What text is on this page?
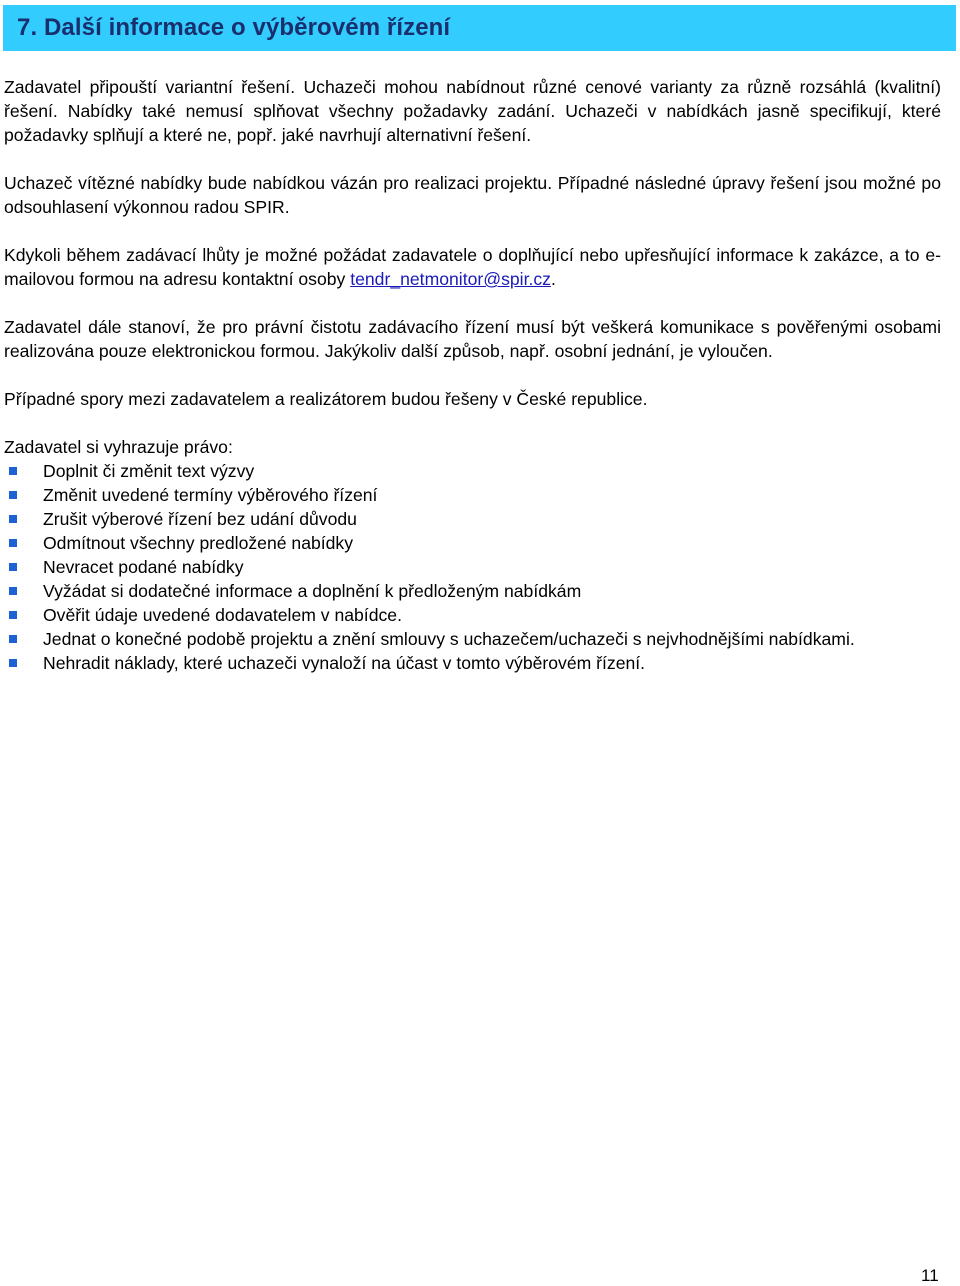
7. Další informace o výběrovém řízení

Zadavatel připouští variantní řešení. Uchazeči mohou nabídnout různé cenové varianty za různě rozsáhlá (kvalitní) řešení. Nabídky také nemusí splňovat všechny požadavky zadání. Uchazeči v nabídkách jasně specifikují, které požadavky splňují a které ne, popř. jaké navrhují alternativní řešení.

Uchazeč vítězné nabídky bude nabídkou vázán pro realizaci projektu. Případné následné úpravy řešení jsou možné po odsouhlasení výkonnou radou SPIR.

Kdykoli během zadávací lhůty je možné požádat zadavatele o doplňující nebo upřesňující informace k zakázce, a to e-mailovou formou na adresu kontaktní osoby tendr_netmonitor@spir.cz.

Zadavatel dále stanoví, že pro právní čistotu zadávacího řízení musí být veškerá komunikace s pověřenými osobami realizována pouze elektronickou formou. Jakýkoliv další způsob, např. osobní jednání, je vyloučen.

Případné spory mezi zadavatelem a realizátorem budou řešeny v České republice.

Zadavatel si vyhrazuje právo:

Doplnit či změnit text výzvy
Změnit uvedené termíny výběrového řízení
Zrušit výberové řízení bez udání důvodu
Odmítnout všechny predložené nabídky
Nevracet podané nabídky
Vyžádat si dodatečné informace a doplnění k předloženým nabídkám
Ověřit údaje uvedené dodavatelem v nabídce.
Jednat o konečné podobě projektu a znění smlouvy s uchazečem/uchazeči s nejvhodnějšími nabídkami.
Nehradit náklady, které uchazeči vynaloží na účast v tomto výběrovém řízení.
11
